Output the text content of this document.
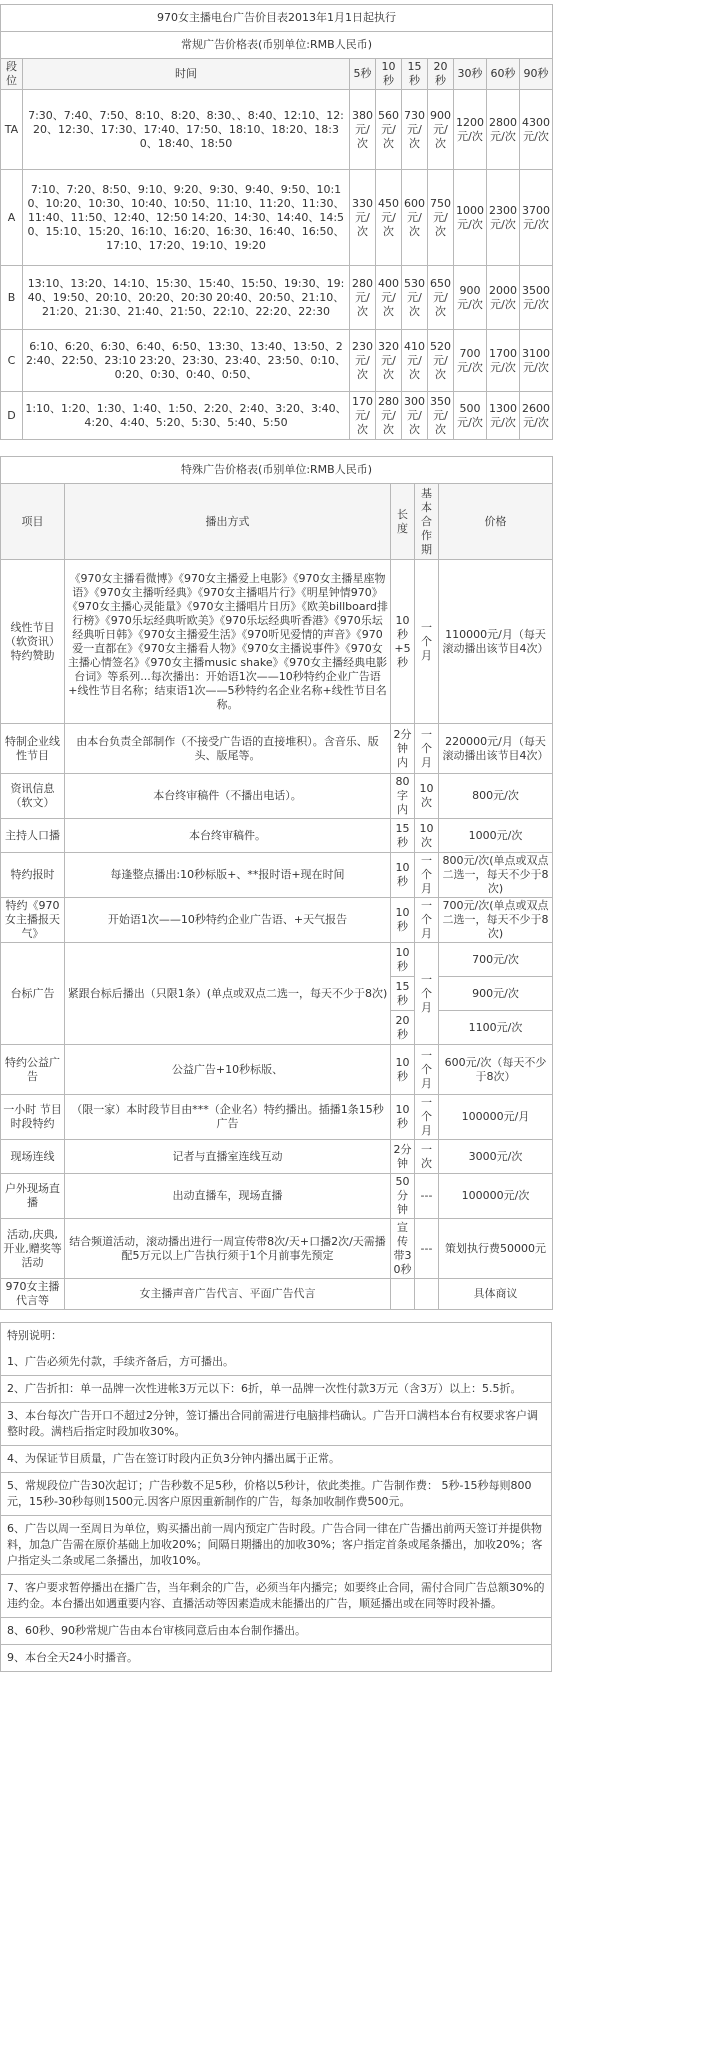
970女主播电台广告价目表2013年1月1日起执行								
常规广告价格表(币别单位:RMB人民币)								
段位	时间	5秒	10秒	15秒	20秒	30秒	60秒	90秒
TA	7:30、7:40、7:50、8:10、8:20、8:30、、8:40、12:10、12:20、12:30、17:30、17:40、17:50、18:10、18:20、18:30、18:40、18:50	380元/次	560元/次	730元/次	900元/次	1200元/次	2800元/次	4300元/次
A	7:10、7:20、8:50、9:10、9:20、9:30、9:40、9:50、10:10、10:20、10:30、10:40、10:50、11:10、11:20、11:30、11:40、11:50、12:40、12:50 14:20、14:30、14:40、14:50、15:10、15:20、16:10、16:20、16:30、16:40、16:50、17:10、17:20、19:10、19:20	330元/次	450元/次	600元/次	750元/次	1000元/次	2300元/次	3700元/次
B	13:10、13:20、14:10、15:30、15:40、15:50、19:30、19:40、19:50、20:10、20:20、20:30 20:40、20:50、21:10、21:20、21:30、21:40、21:50、22:10、22:20、22:30	280元/次	400元/次	530元/次	650元/次	900元/次	2000元/次	3500元/次
C	6:10、6:20、6:30、6:40、6:50、13:30、13:40、13:50、22:40、22:50、23:10 23:20、23:30、23:40、23:50、0:10、0:20、0:30、0:40、0:50、	230元/次	320元/次	410元/次	520元/次	700元/次	1700元/次	3100元/次
D	1:10、1:20、1:30、1:40、1:50、2:20、2:40、3:20、3:40、4:20、4:40、5:20、5:30、5:40、5:50	170元/次	280元/次	300元/次	350元/次	500元/次	1300元/次	2600元/次
特殊广告价格表(币别单位:RMB人民币)				
项目	播出方式	长度	基本合作期	价格
线性节目（软资讯）特约赞助	《970女主播看微博》《970女主播爱上电影》《970女主播星座物语》《970女主播听经典》《970女主播唱片行》《明星钟情970》《970女主播心灵能量》《970女主播唱片日历》《欧美billboard排行榜》《970乐坛经典听欧美》《970乐坛经典听香港》《970乐坛经典听日韩》《970女主播爱生活》《970听见爱情的声音》《970爱一直都在》《970女主播看人物》《970女主播说事件》《970女主播心情签名》《970女主播music shake》《970女主播经典电影台词》等系列...每次播出：开始语1次——10秒特约企业广告语+线性节目名称；结束语1次——5秒特约名企业名称+线性节目名称。	10秒+5秒	一个月	110000元/月（每天滚动播出该节目4次）
特制企业线性节目	由本台负责全部制作（不接受广告语的直接堆积）。含音乐、版头、版尾等。	2分钟内	一个月	220000元/月（每天滚动播出该节目4次）
资讯信息（软文）	本台终审稿件（不播出电话）。	80字内	10次	800元/次
主持人口播	本台终审稿件。	15秒	10次	1000元/次
特约报时	每逢整点播出:10秒标版+、**报时语+现在时间	10秒	一个月	800元/次(单点或双点二选一，每天不少于8次)
特约《970女主播报天气》	开始语1次——10秒特约企业广告语、+天气报告	10秒	一个月	700元/次(单点或双点二选一，每天不少于8次)
台标广告	紧跟台标后播出（只限1条）(单点或双点二选一，每天不少于8次)	10秒	一个月	700元/次
		15秒		900元/次
		20秒		1100元/次
特约公益广告	公益广告+10秒标版、	10秒	一个月	600元/次（每天不少于8次）
一小时 节目时段特约	（限一家）本时段节目由***（企业名）特约播出。插播1条15秒广告	10秒	一个月	100000元/月
现场连线	记者与直播室连线互动	2分钟	一次	3000元/次
户外现场直播	出动直播车，现场直播	50分钟	---	100000元/次
活动,庆典,开业,赠奖等活动	结合频道活动，滚动播出进行一周宣传带8次/天+口播2次/天需播配5万元以上广告执行须于1个月前事先预定	宣传带30秒	---	策划执行费50000元
970女主播代言等	女主播声音广告代言、平面广告代言			具体商议
特别说明：
1、广告必须先付款，手续齐备后，方可播出。
2、广告折扣：单一品牌一次性进帐3万元以下：6折，单一品牌一次性付款3万元（含3万）以上：5.5折。
3、本台每次广告开口不超过2分钟，签订播出合同前需进行电脑排档确认。广告开口满档本台有权要求客户调整时段。满档后指定时段加收30%。
4、为保证节目质量，广告在签订时段内正负3分钟内播出属于正常。
5、常规段位广告30次起订；广告秒数不足5秒，价格以5秒计，依此类推。广告制作费： 5秒-15秒每则800元，15秒-30秒每则1500元.因客户原因重新制作的广告，每条加收制作费500元。
6、广告以周一至周日为单位，购买播出前一周内预定广告时段。广告合同一律在广告播出前两天签订并提供物料，加急广告需在原价基础上加收20%；间隔日期播出的加收30%；客户指定首条或尾条播出，加收20%；客户指定头二条或尾二条播出，加收10%。
7、客户要求暂停播出在播广告，当年剩余的广告，必须当年内播完；如要终止合同，需付合同广告总额30%的违约金。本台播出如遇重要内容、直播活动等因素造成未能播出的广告，顺延播出或在同等时段补播。
8、60秒、90秒常规广告由本台审核同意后由本台制作播出。
9、本台全天24小时播音。
